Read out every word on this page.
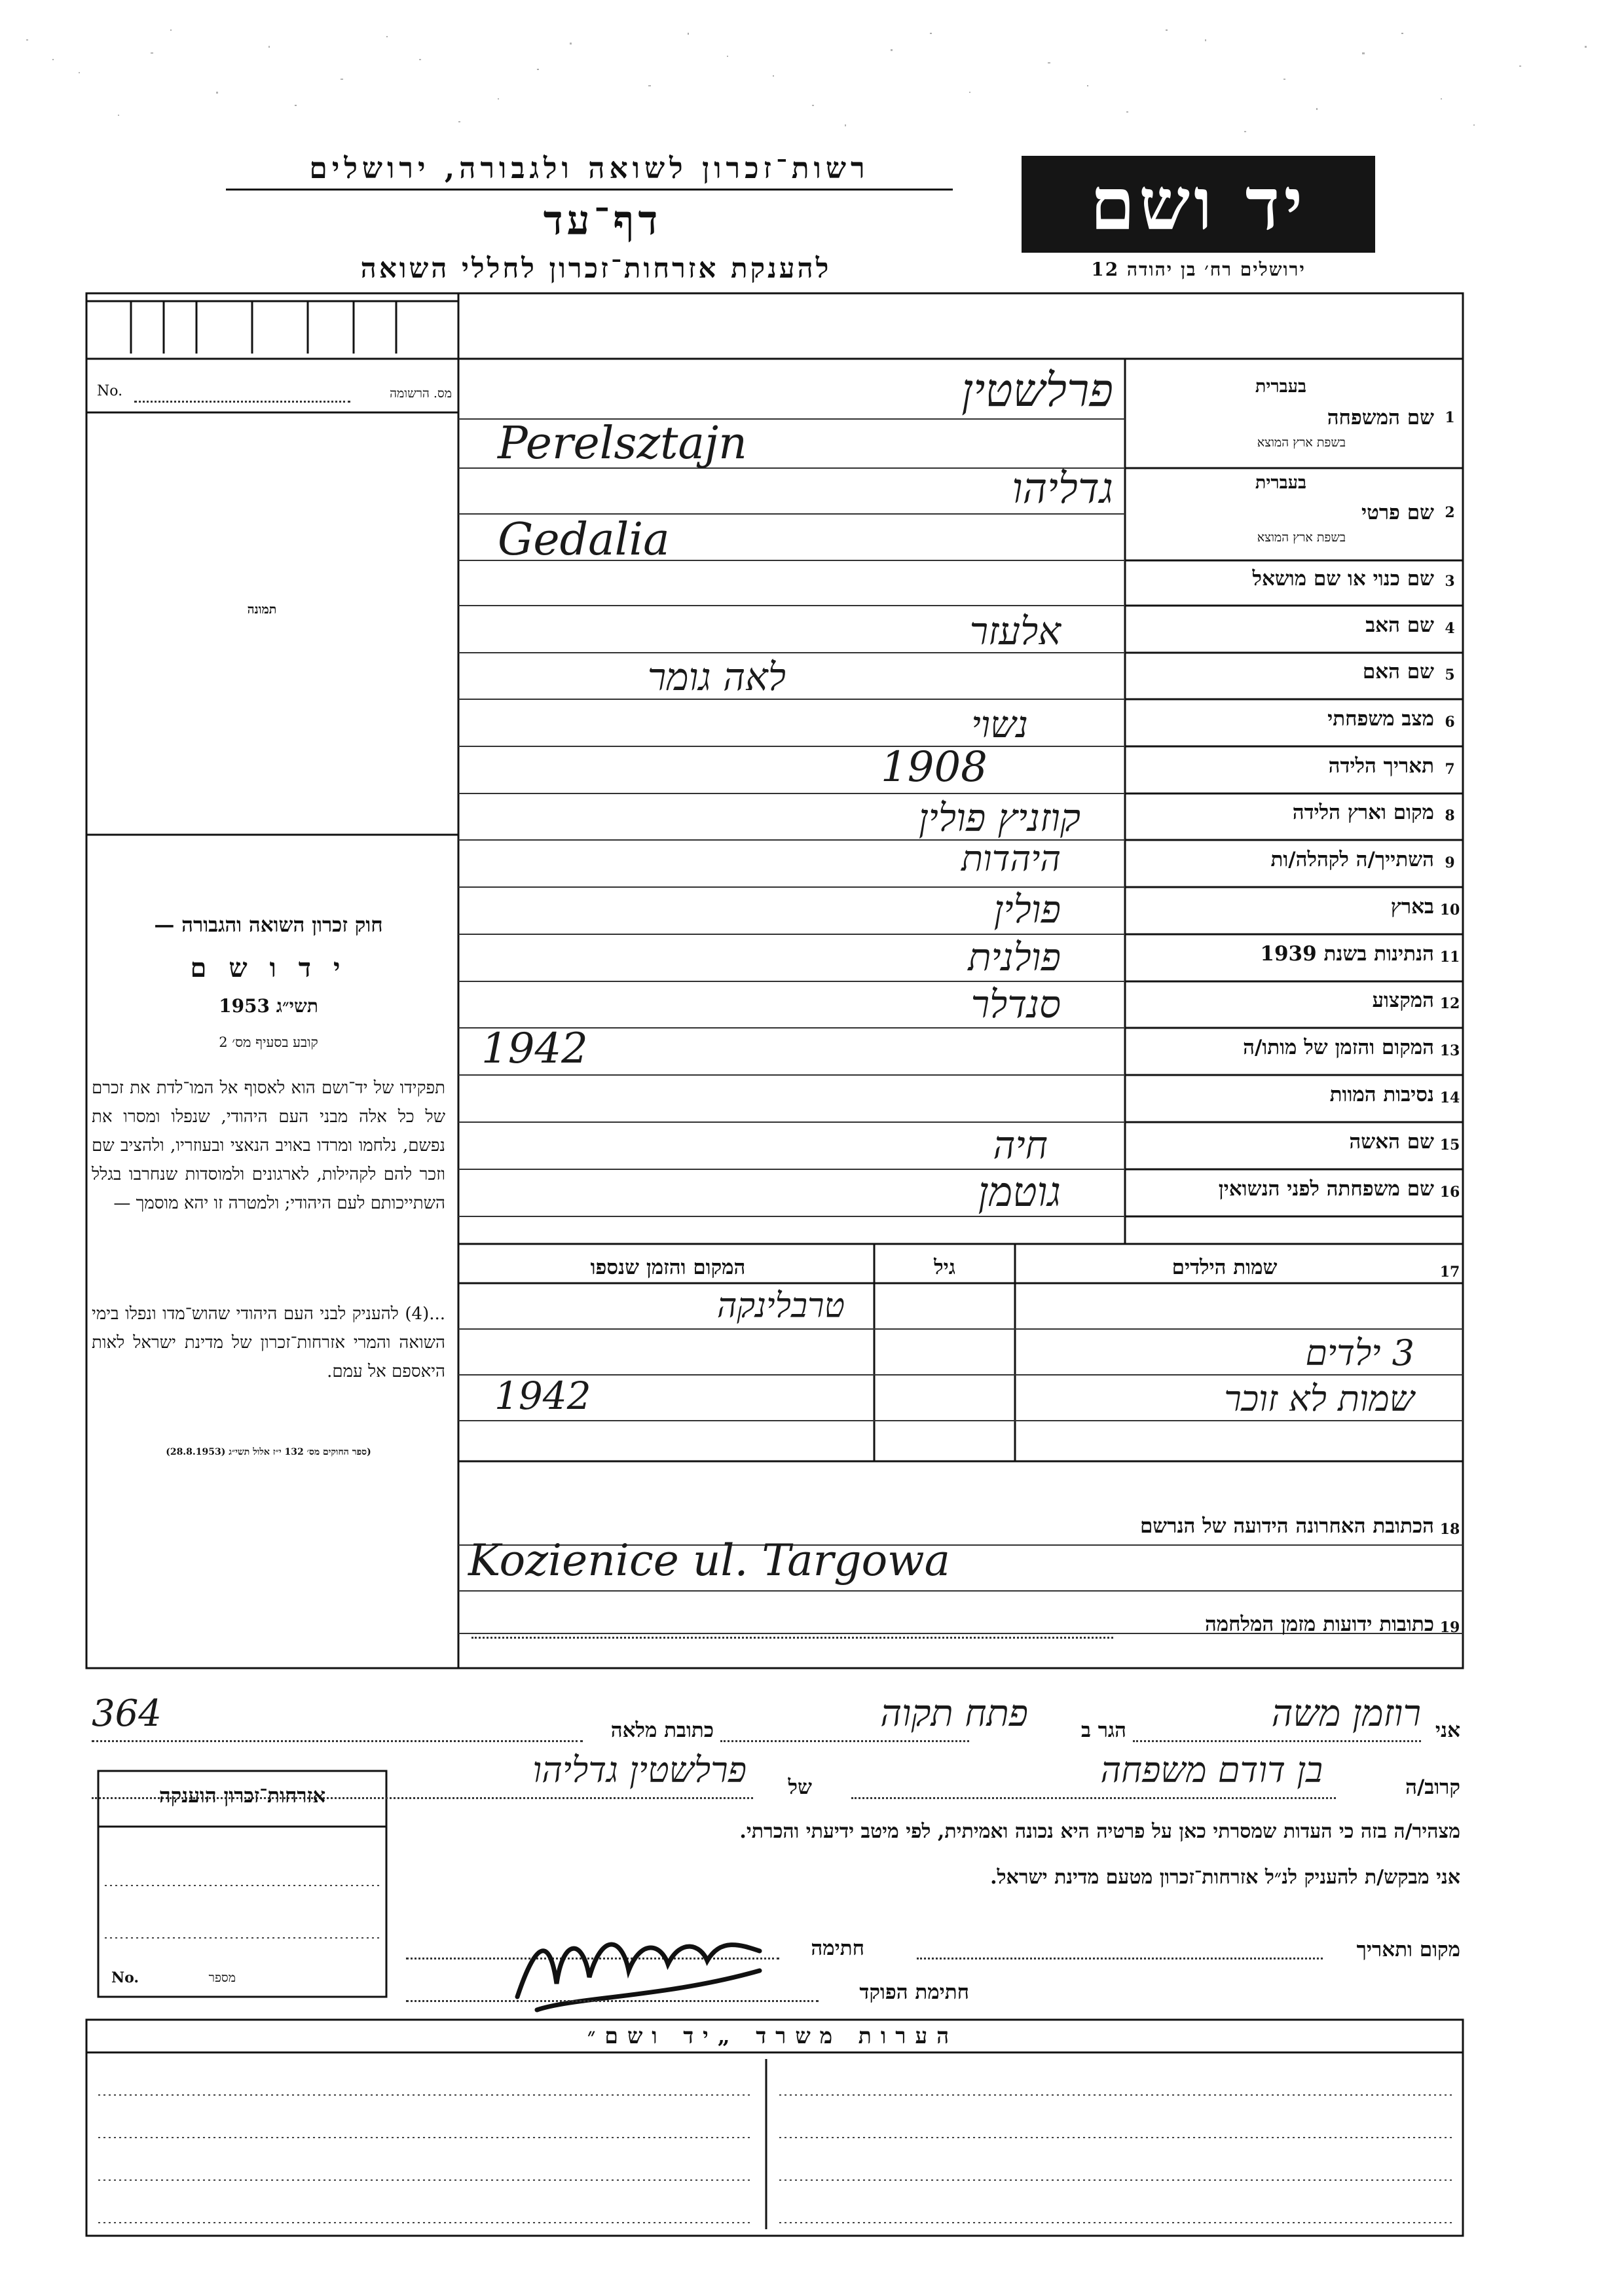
רשות־זכרון לשואה ולגבורה, ירושלים
דף־עד
להענקת אזרחות־זכרון לחללי השואה
יד ושם
ירושלים רח׳ בן יהודה 12
מס. הרשומה
No.
תמונה
חוק זכרון השואה והגבורה —
י ד ו ש ם
תשי״ג 1953
קובע בסעיף מס׳ 2
תפקידו של יד־ושם הוא לאסוף אל המו־לדת את זכרם של כל אלה מבני העם היהודי, שנפלו ומסרו את נפשם, נלחמו ומרדו באויב הנאצי ובעוזריו, ולהציב שם וזכר להם לקהילות, לארגונים ולמוסדות שנחרבו בגלל השתייכותם לעם היהודי; ולמטרה זו יהא מוסמך —
...(4) להעניק לבני העם היהודי שהוש־מדו ונפלו בימי השואה והמרי אזרחות־זכרון של מדינת ישראל לאות היאספם אל עמם.
(ספר החוקים מס׳ 132 י״ז אלול תשי״ג (28.8.1953)
1
שם המשפחה
בעברית
בשפת ארץ המוצא
פרלשטין
Perelsztajn
2
שם פרטי
בעברית
בשפת ארץ המוצא
גדליהו
Gedalia
3
שם כנוי או שם מושאל
4
שם האב
אלעזר
5
שם האם
לאה גומר
6
מצב משפחתי
נשוי
7
תאריך הלידה
1908
8
מקום וארץ הלידה
קוזניץ פולין
9
השתייך/ה לקהלה/ות
היהדות
10
בארץ
פולין
11
הנתינות בשנת 1939
פולנית
12
המקצוע
סנדלר
13
המקום והזמן של מותו/ה
1942
14
נסיבות המוות
15
שם האשה
חיה
16
שם משפחתה לפני הנשואין
גוטמן
17
שמות הילדים
גיל
המקום והזמן שנספו
3 ילדים
שמות לא זוכר
טרבלינקה
1942
18
הכתובת האחרונה הידועה של הנרשם
Kozienice ul. Targowa
19
כתובות ידועות מזמן המלחמה
אני
רוזמן משה
הגר ב
פתח תקוה
כתובת מלאה
364
קרוב/ה
בן דודם משפחה
של
פרלשטין גדליהו
מצהיר/ה בזה כי העדות שמסרתי כאן על פרטיה היא נכונה ואמיתית, לפי מיטב ידיעתי והכרתי.
אני מבקש/ת להעניק לנ״ל אזרחות־זכרון מטעם מדינת ישראל.
מקום ותאריך
חתימה
חתימת הפוקד
אזרחות־זכרון הוענקה
No.	מספר
הערות משרד „יד ושם״
